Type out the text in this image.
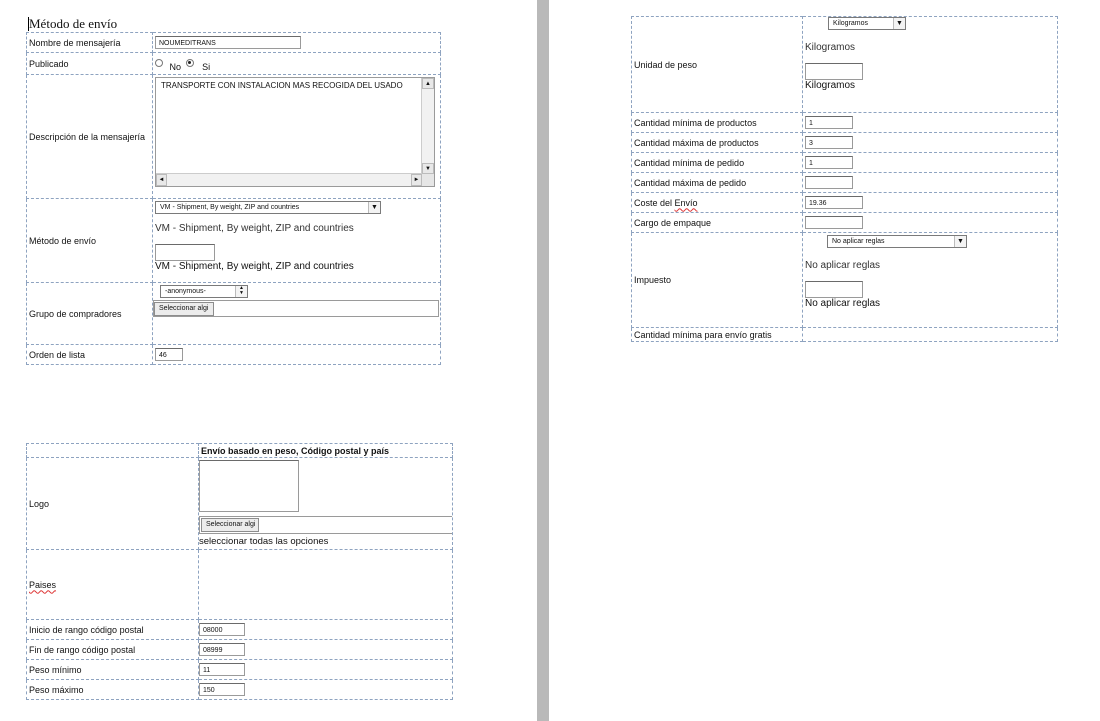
Método de envío
Nombre de mensajería	NOUMEDITRANS
Publicado	No Si
Descripción de la mensajería	TRANSPORTE CON INSTALACION MAS RECOGIDA DEL USADO ▲
▼
◄ ►

Método de envío	VM - Shipment, By weight, ZIP and countries ▼
VM - Shipment, By weight, ZIP and countries
VM - Shipment, By weight, ZIP and countries

Grupo de compradores	-anonymous- ▲
▼
Seleccionar algi

Orden de lista	46
	Envío basado en peso, Código postal y país
Logo	Seleccionar algi
seleccionar todas las opciones

Paises	
Inicio de rango código postal	08000
Fin de rango código postal	08999
Peso mínimo	11
Peso máximo	150
Unidad de peso	Kilogramos ▼
Kilogramos
Kilogramos

Cantidad mínima de productos	1
Cantidad máxima de productos	3
Cantidad mínima de pedido	1
Cantidad máxima de pedido	
Coste del Envío	19.36
Cargo de empaque	
Impuesto	No aplicar reglas ▼
No aplicar reglas
No aplicar reglas

Cantidad mínima para envío gratis	
